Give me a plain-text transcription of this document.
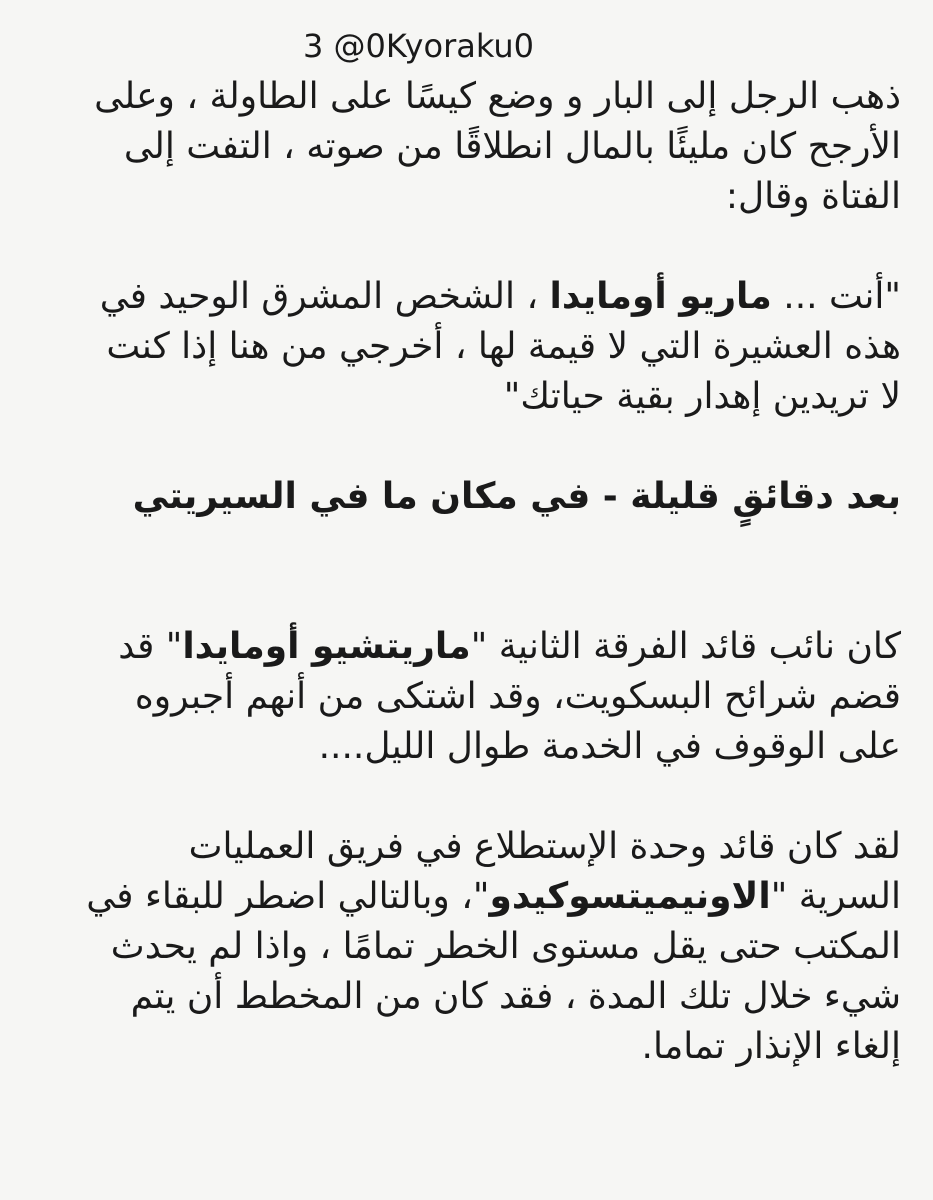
3 @0Kyoraku0

ذهب الرجل إلى البار و وضع كيسًا على الطاولة ، وعلى
الأرجح كان مليئًا بالمال انطلاقًا من صوته ، التفت إلى
الفتاة وقال:

"أنت ... ماريو أومايدا ، الشخص المشرق الوحيد في
هذه العشيرة التي لا قيمة لها ، أخرجي من هنا إذا كنت
لا تريدين إهدار بقية حياتك"

بعد دقائقٍ قليلة - في مكان ما في السيريتي

كان نائب قائد الفرقة الثانية "ماريتشيو أومايدا" قد
قضم شرائح البسكويت، وقد اشتكى من أنهم أجبروه
على الوقوف في الخدمة طوال الليل....

لقد كان قائد وحدة الإستطلاع في فريق العمليات
السرية "الاونيميتسوكيدو"، وبالتالي اضطر للبقاء في
المكتب حتى يقل مستوى الخطر تمامًا ، واذا لم يحدث
شيء خلال تلك المدة ، فقد كان من المخطط أن يتم
إلغاء الإنذار تماما.
